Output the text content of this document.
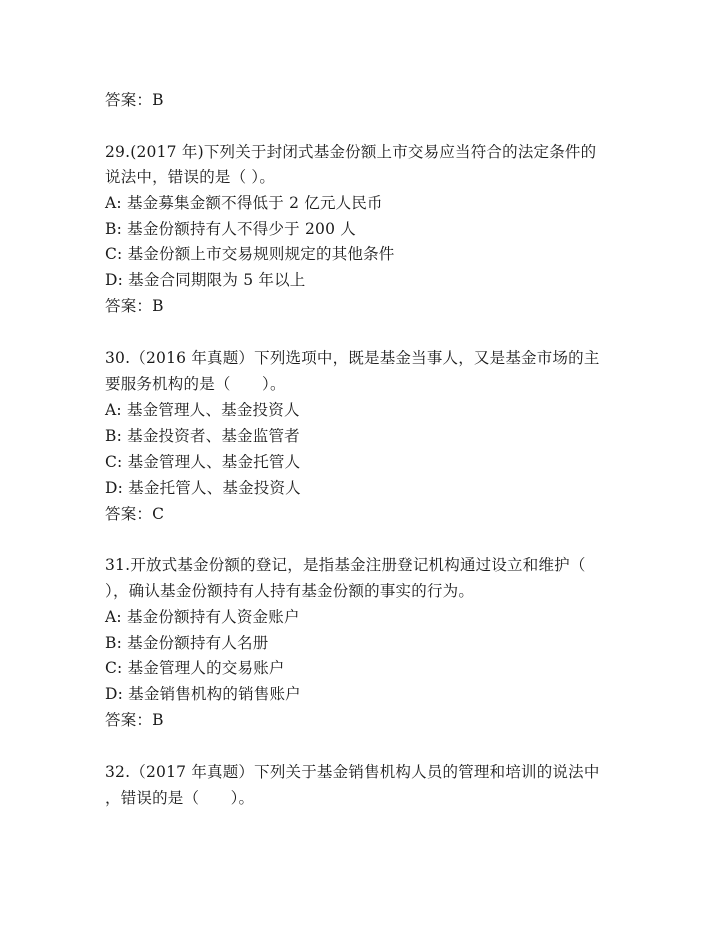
答案：B
29.(2017 年)下列关于封闭式基金份额上市交易应当符合的法定条件的
说法中，错误的是（ ）。
A: 基金募集金额不得低于 2 亿元人民币
B: 基金份额持有人不得少于 200 人
C: 基金份额上市交易规则规定的其他条件
D: 基金合同期限为 5 年以上
答案：B
30.（2016 年真题）下列选项中，既是基金当事人，又是基金市场的主
要服务机构的是（　　）。
A: 基金管理人、基金投资人
B: 基金投资者、基金监管者
C: 基金管理人、基金托管人
D: 基金托管人、基金投资人
答案：C
31.开放式基金份额的登记，是指基金注册登记机构通过设立和维护（
），确认基金份额持有人持有基金份额的事实的行为。
A: 基金份额持有人资金账户
B: 基金份额持有人名册
C: 基金管理人的交易账户
D: 基金销售机构的销售账户
答案：B
32.（2017 年真题）下列关于基金销售机构人员的管理和培训的说法中
，错误的是（　　）。
